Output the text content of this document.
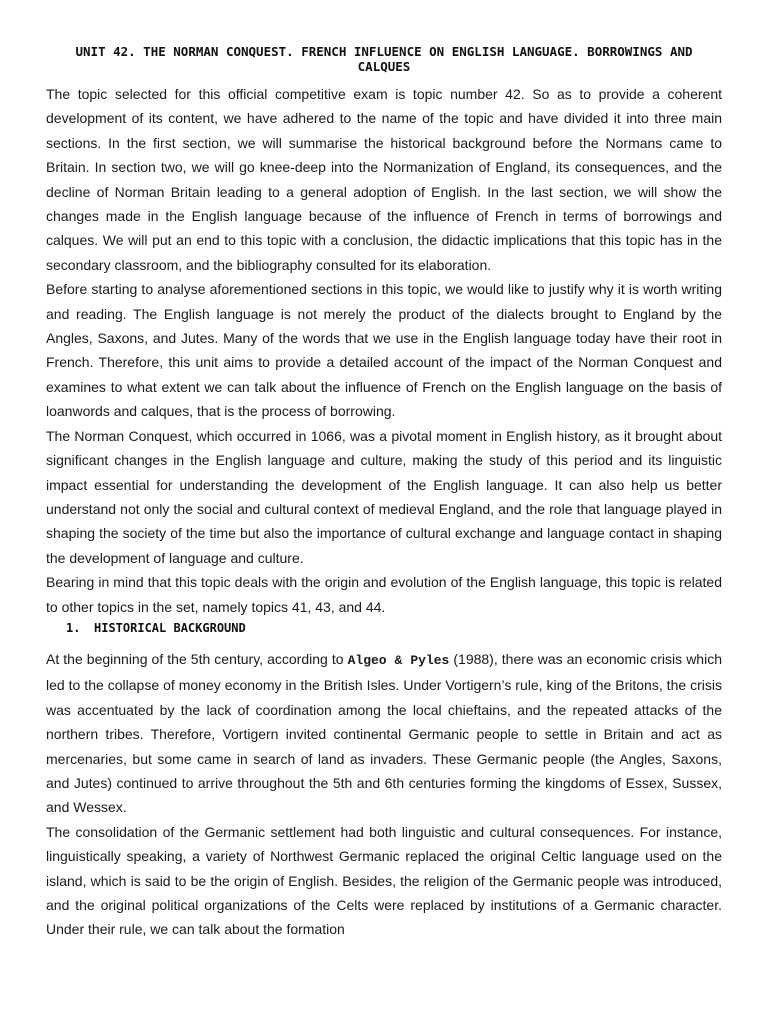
UNIT 42. THE NORMAN CONQUEST. FRENCH INFLUENCE ON ENGLISH LANGUAGE. BORROWINGS AND CALQUES

The topic selected for this official competitive exam is topic number 42. So as to provide a coherent development of its content, we have adhered to the name of the topic and have divided it into three main sections. In the first section, we will summarise the historical background before the Normans came to Britain. In section two, we will go knee-deep into the Normanization of England, its consequences, and the decline of Norman Britain leading to a general adoption of English. In the last section, we will show the changes made in the English language because of the influence of French in terms of borrowings and calques. We will put an end to this topic with a conclusion, the didactic implications that this topic has in the secondary classroom, and the bibliography consulted for its elaboration.

Before starting to analyse aforementioned sections in this topic, we would like to justify why it is worth writing and reading. The English language is not merely the product of the dialects brought to England by the Angles, Saxons, and Jutes. Many of the words that we use in the English language today have their root in French. Therefore, this unit aims to provide a detailed account of the impact of the Norman Conquest and examines to what extent we can talk about the influence of French on the English language on the basis of loanwords and calques, that is the process of borrowing.

The Norman Conquest, which occurred in 1066, was a pivotal moment in English history, as it brought about significant changes in the English language and culture, making the study of this period and its linguistic impact essential for understanding the development of the English language. It can also help us better understand not only the social and cultural context of medieval England, and the role that language played in shaping the society of the time but also the importance of cultural exchange and language contact in shaping the development of language and culture.

Bearing in mind that this topic deals with the origin and evolution of the English language, this topic is related to other topics in the set, namely topics 41, 43, and 44.

1.	HISTORICAL BACKGROUND

At the beginning of the 5th century, according to Algeo & Pyles (1988), there was an economic crisis which led to the collapse of money economy in the British Isles. Under Vortigern’s rule, king of the Britons, the crisis was accentuated by the lack of coordination among the local chieftains, and the repeated attacks of the northern tribes. Therefore, Vortigern invited continental Germanic people to settle in Britain and act as mercenaries, but some came in search of land as invaders. These Germanic people (the Angles, Saxons, and Jutes) continued to arrive throughout the 5th and 6th centuries forming the kingdoms of Essex, Sussex, and Wessex.

The consolidation of the Germanic settlement had both linguistic and cultural consequences. For instance, linguistically speaking, a variety of Northwest Germanic replaced the original Celtic language used on the island, which is said to be the origin of English. Besides, the religion of the Germanic people was introduced, and the original political organizations of the Celts were replaced by institutions of a Germanic character. Under their rule, we can talk about the formation
